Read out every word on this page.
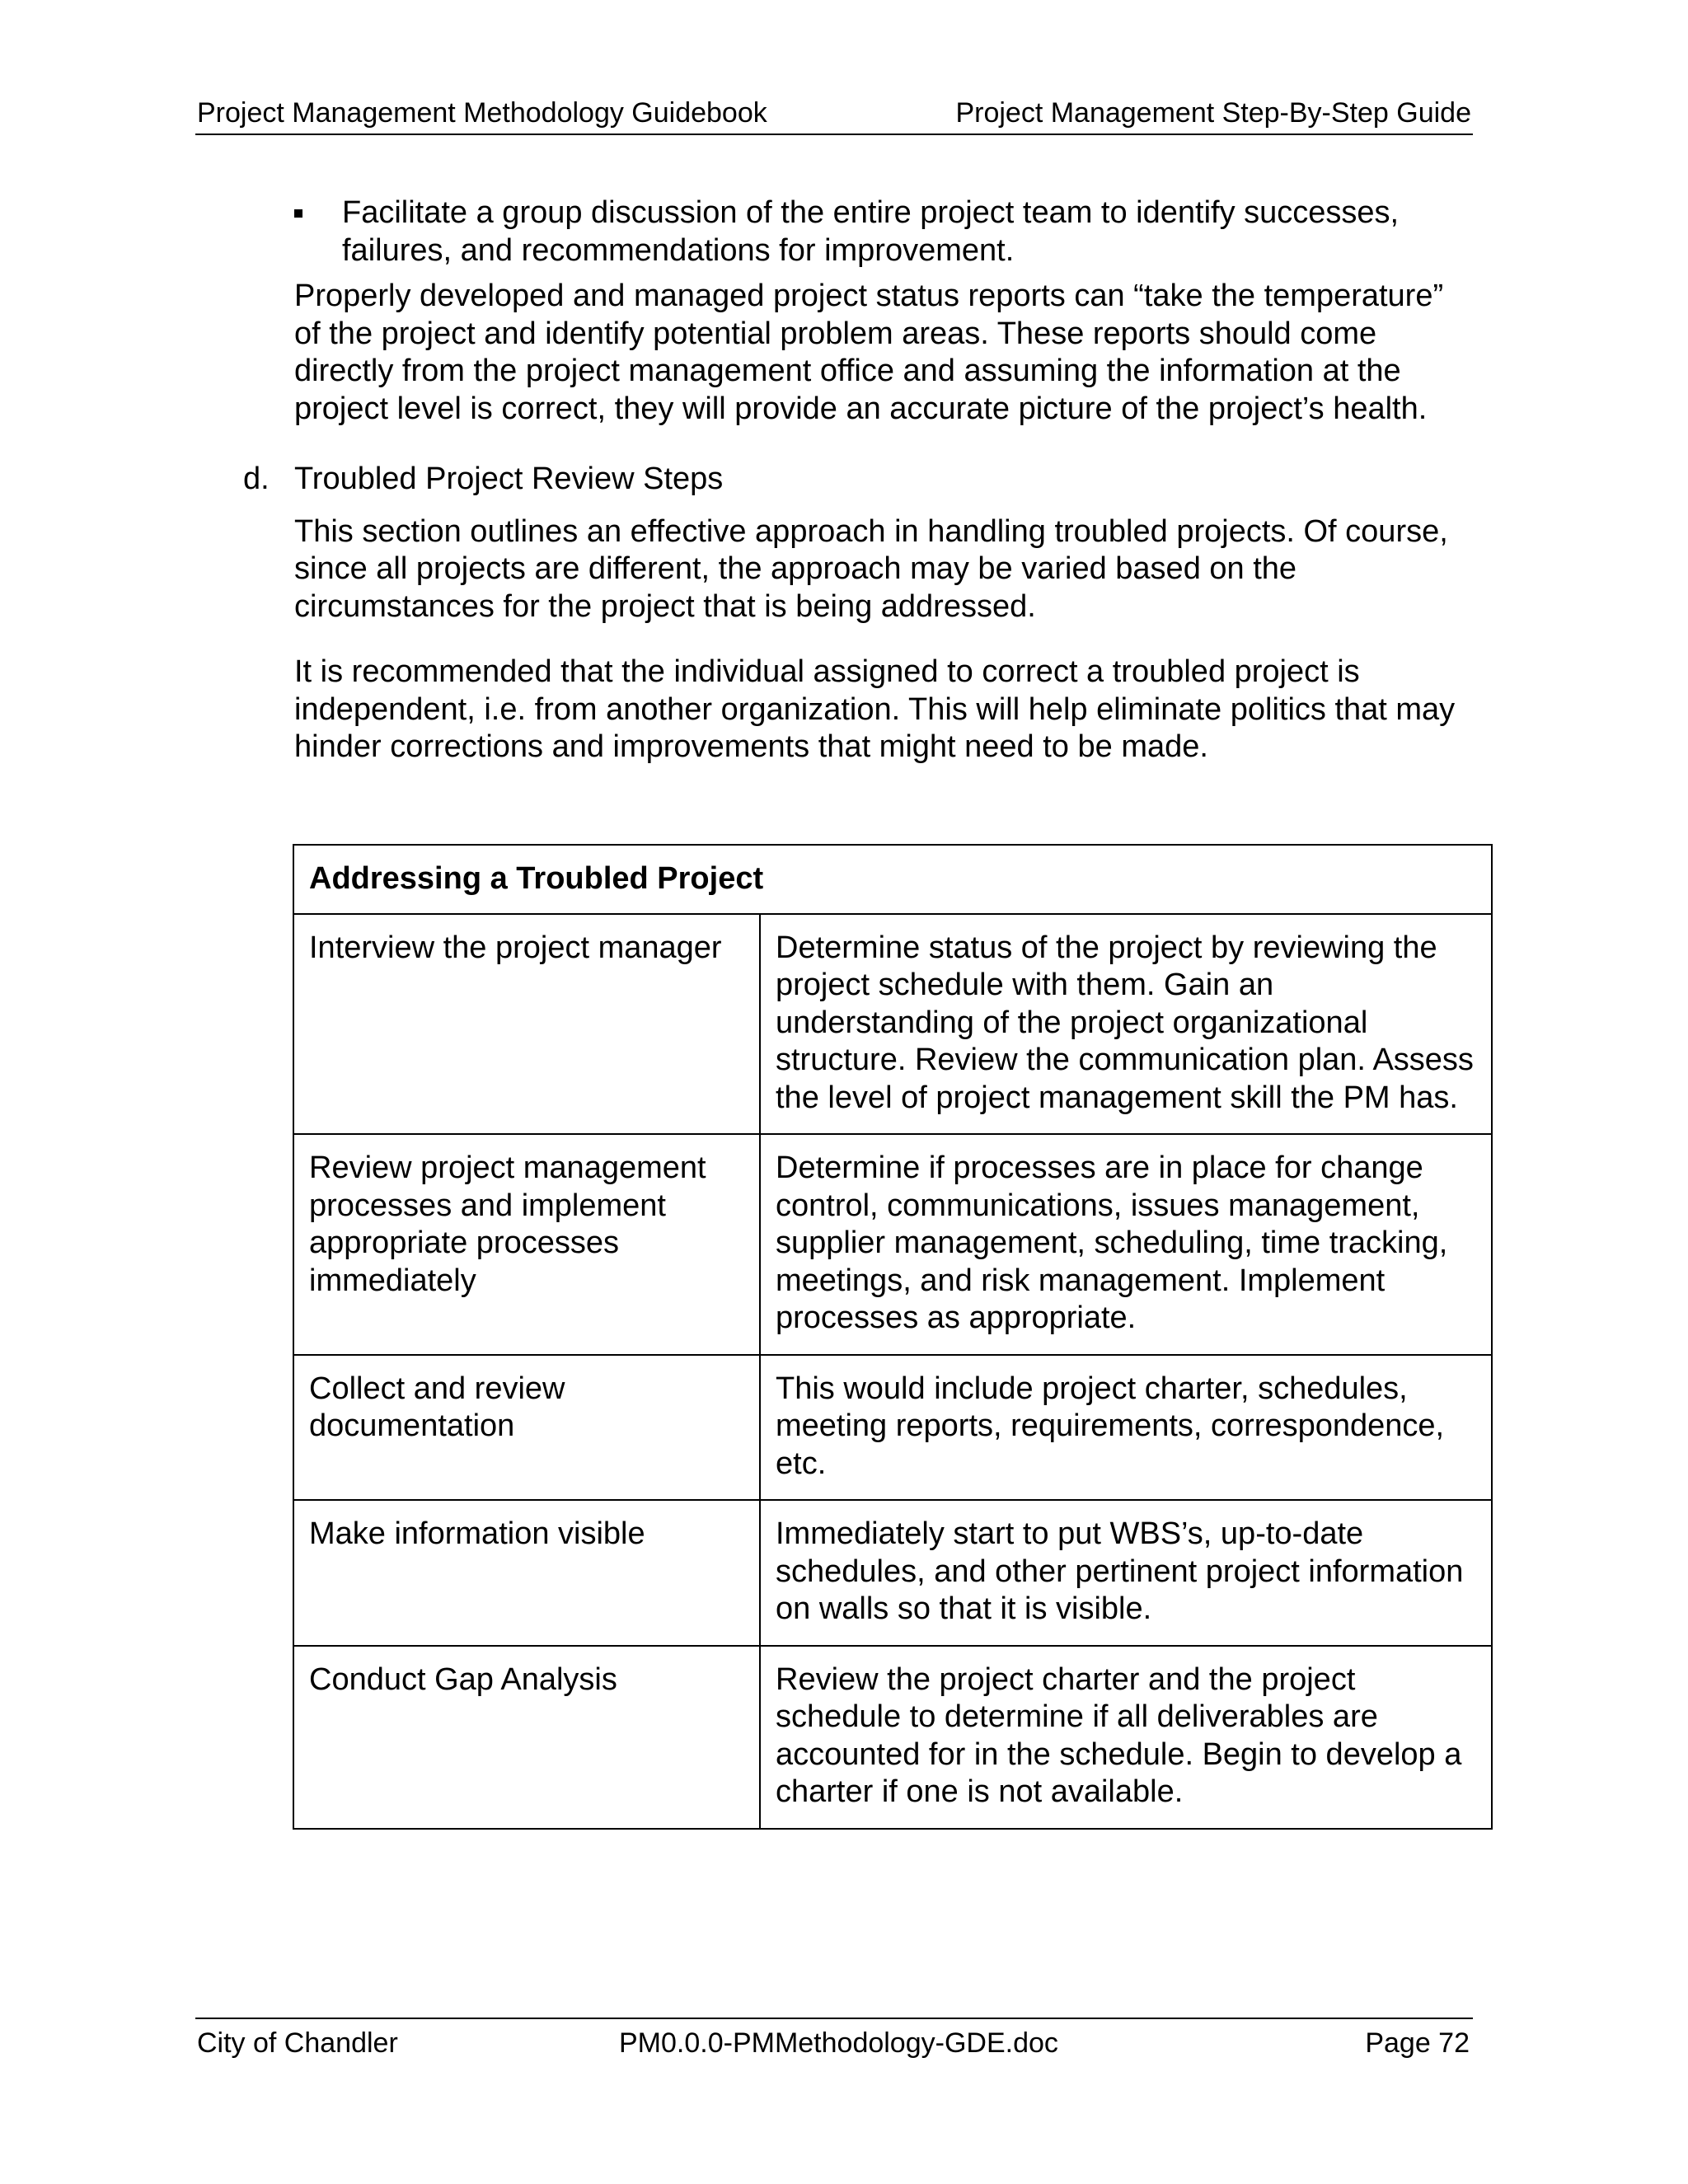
Project Management Methodology Guidebook	Project Management Step-By-Step Guide
Facilitate a group discussion of the entire project team to identify successes, failures, and recommendations for improvement.

Properly developed and managed project status reports can “take the temperature” of the project and identify potential problem areas. These reports should come directly from the project management office and assuming the information at the project level is correct, they will provide an accurate picture of the project’s health.

d. Troubled Project Review Steps

This section outlines an effective approach in handling troubled projects. Of course, since all projects are different, the approach may be varied based on the circumstances for the project that is being addressed.

It is recommended that the individual assigned to correct a troubled project is independent, i.e. from another organization. This will help eliminate politics that may hinder corrections and improvements that might need to be made.

Addressing a Troubled Project	
Interview the project manager	Determine status of the project by reviewing the project schedule with them. Gain an understanding of the project organizational structure. Review the communication plan. Assess the level of project management skill the PM has.
Review project management processes and implement appropriate processes immediately	Determine if processes are in place for change control, communications, issues management, supplier management, scheduling, time tracking, meetings, and risk management. Implement processes as appropriate.
Collect and review documentation	This would include project charter, schedules, meeting reports, requirements, correspondence, etc.
Make information visible	Immediately start to put WBS’s, up-to-date schedules, and other pertinent project information on walls so that it is visible.
Conduct Gap Analysis	Review the project charter and the project schedule to determine if all deliverables are accounted for in the schedule. Begin to develop a charter if one is not available.
City of Chandler	PM0.0.0-PMMethodology-GDE.doc	Page 72
